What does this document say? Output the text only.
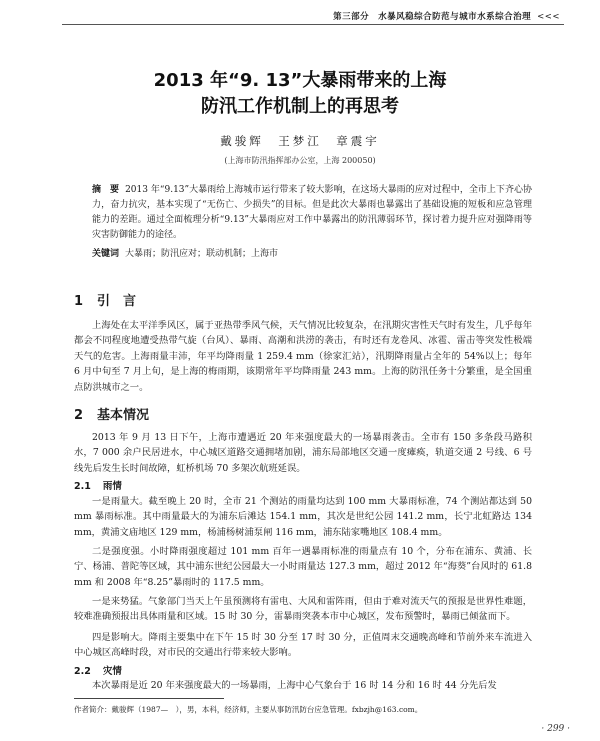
第三部分　水暴风稳综合防范与城市水系综合治理 <<<
2013 年“9. 13”大暴雨带来的上海
防汛工作机制上的再思考
戴骏辉　王梦江　章震宇
(上海市防汛指挥部办公室，上海 200050)
摘　要 2013 年“9.13”大暴雨给上海城市运行带来了较大影响，在这场大暴雨的应对过程中，全市上下齐心协力，奋力抗灾，基本实现了“无伤亡、少损失”的目标。但是此次大暴雨也暴露出了基础设施的短板和应急管理能力的差距。通过全面梳理分析“9.13”大暴雨应对工作中暴露出的防汛薄弱环节，探讨着力提升应对强降雨等灾害防御能力的途径。
关键词 大暴雨；防汛应对；联动机制；上海市
1 引　言

上海处在太平洋季风区，属于亚热带季风气候，天气情况比较复杂，在汛期灾害性天气时有发生，几乎每年都会不同程度地遭受热带气旋（台风）、暴雨、高潮和洪涝的袭击，有时还有龙卷风、冰雹、雷击等突发性极端天气的危害。上海雨量丰沛，年平均降雨量 1 259.4 mm（徐家汇站），汛期降雨量占全年的 54%以上；每年 6 月中旬至 7 月上旬，是上海的梅雨期，该期常年平均降雨量 243 mm。上海的防汛任务十分繁重，是全国重点防洪城市之一。

2 基本情况

2013 年 9 月 13 日下午，上海市遭遇近 20 年来强度最大的一场暴雨袭击。全市有 150 多条段马路积水，7 000 余户民居进水，中心城区道路交通拥堵加剧，浦东局部地区交通一度瘫痪，轨道交通 2 号线、6 号线先后发生长时间故障，虹桥机场 70 多架次航班延误。

2.1 雨情

一是雨量大。截至晚上 20 时，全市 21 个测站的雨量均达到 100 mm 大暴雨标准，74 个测站都达到 50 mm 暴雨标准。其中雨量最大的为浦东后滩达 154.1 mm，其次是世纪公园 141.2 mm，长宁北虹路达 134 mm，黄浦文庙地区 129 mm，杨浦杨树浦泵闸 116 mm，浦东陆家嘴地区 108.4 mm。

二是强度强。小时降雨强度超过 101 mm 百年一遇暴雨标准的雨量点有 10 个，分布在浦东、黄浦、长宁、杨浦、普陀等区域，其中浦东世纪公园最大一小时雨量达 127.3 mm，超过 2012 年“海葵”台风时的 61.8 mm 和 2008 年“8.25”暴雨时的 117.5 mm。

一是来势猛。气象部门当天上午虽预测将有雷电、大风和雷阵雨，但由于难对流天气的预报是世界性难题，较难准确预报出具体雨量和区域。15 时 30 分，雷暴雨突袭本市中心城区，发布预警时，暴雨已倾盆而下。

四是影响大。降雨主要集中在下午 15 时 30 分至 17 时 30 分，正值周末交通晚高峰和节前外来车流进入中心城区高峰时段，对市民的交通出行带来较大影响。

2.2 灾情

本次暴雨是近 20 年来强度最大的一场暴雨，上海中心气象台于 16 时 14 分和 16 时 44 分先后发

作者简介：戴骏辉（1987—　），男，本科，经济师，主要从事防汛防台应急管理。fxbzjh@163.com。
· 299 ·
